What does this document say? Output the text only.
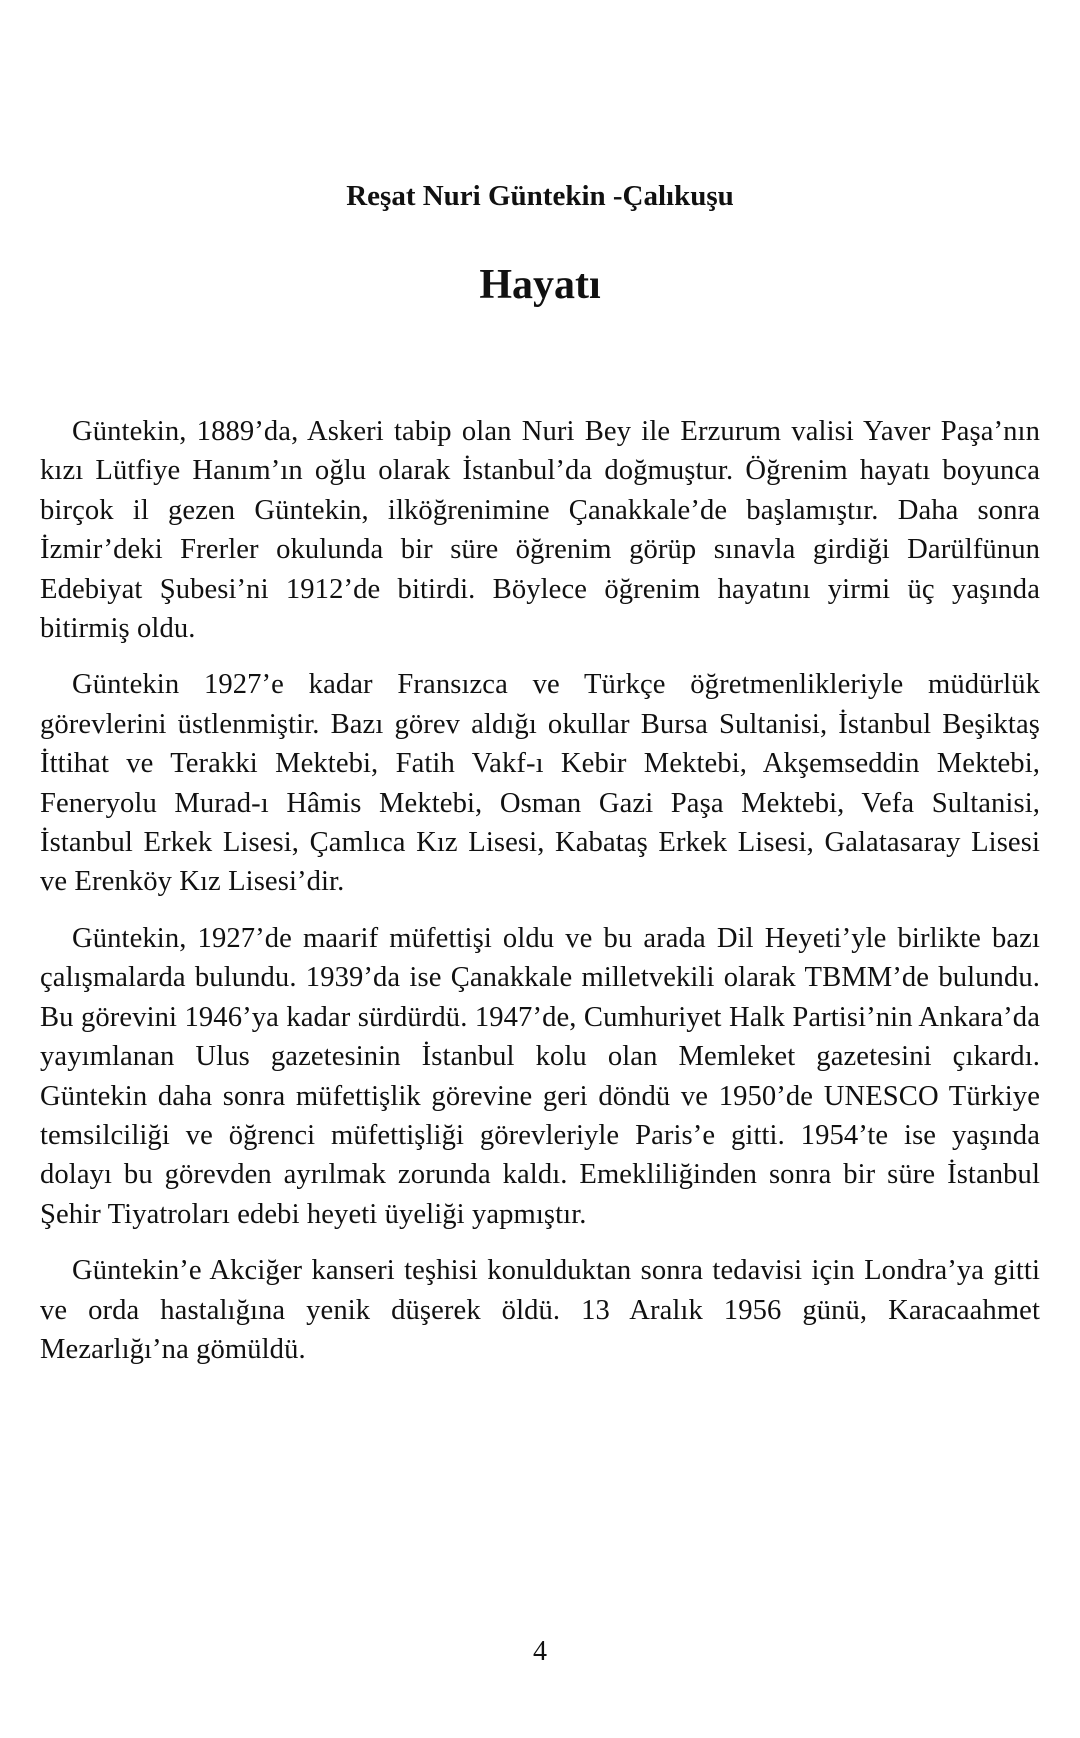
Reşat Nuri Güntekin -Çalıkuşu
Hayatı

Güntekin, 1889’da, Askeri tabip olan Nuri Bey ile Erzurum valisi Yaver Paşa’nın kızı Lütfiye Hanım’ın oğlu olarak İstanbul’da doğmuştur. Öğrenim hayatı boyunca birçok il gezen Güntekin, ilköğrenimine Çanakkale’de başlamıştır. Daha sonra İzmir’deki Frerler okulunda bir süre öğrenim görüp sınavla girdiği Darülfünun Edebiyat Şubesi’ni 1912’de bitirdi. Böylece öğrenim hayatını yirmi üç yaşında bitirmiş oldu.

Güntekin 1927’e kadar Fransızca ve Türkçe öğretmenlikleriyle müdürlük görevlerini üstlenmiştir. Bazı görev aldığı okullar Bursa Sultanisi, İstanbul Beşiktaş İttihat ve Terakki Mektebi, Fatih Vakf-ı Kebir Mektebi, Akşemseddin Mektebi, Feneryolu Murad-ı Hâmis Mektebi, Osman Gazi Paşa Mektebi, Vefa Sultanisi, İstanbul Erkek Lisesi, Çamlıca Kız Lisesi, Kabataş Erkek Lisesi, Galatasaray Lisesi ve Erenköy Kız Lisesi’dir.

Güntekin, 1927’de maarif müfettişi oldu ve bu arada Dil Heyeti’yle birlikte bazı çalışmalarda bulundu. 1939’da ise Çanakkale milletvekili olarak TBMM’de bulundu. Bu görevini 1946’ya kadar sürdürdü. 1947’de, Cumhuriyet Halk Partisi’nin Ankara’da yayımlanan Ulus gazetesinin İstanbul kolu olan Memleket gazetesini çıkardı. Güntekin daha sonra müfettişlik görevine geri döndü ve 1950’de UNESCO Türkiye temsilciliği ve öğrenci müfettişliği görevleriyle Paris’e gitti. 1954’te ise yaşında dolayı bu görevden ayrılmak zorunda kaldı. Emekliliğinden sonra bir süre İstanbul Şehir Tiyatroları edebi heyeti üyeliği yapmıştır.

Güntekin’e Akciğer kanseri teşhisi konulduktan sonra tedavisi için Londra’ya gitti ve orda hastalığına yenik düşerek öldü. 13 Aralık 1956 günü, Karacaahmet Mezarlığı’na gömüldü.

4
